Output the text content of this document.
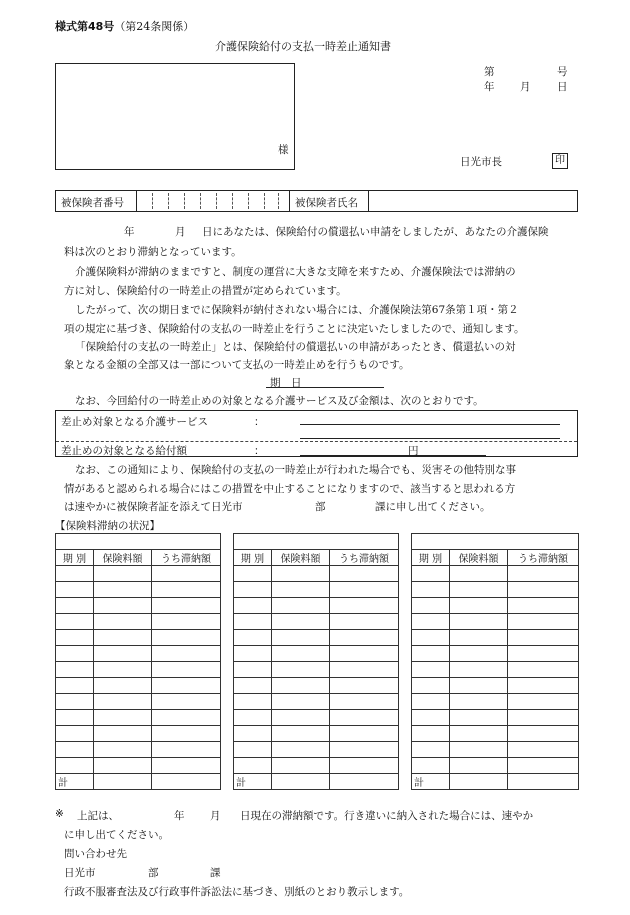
様式第48号（第24条関係）
介護保険給付の支払一時差止通知書
様
第	号
年 月	日
日光市長	印
被保険者番号	被保険者氏名
年	月 日にあなたは、保険給付の償還払い申請をしましたが、あなたの介護保険
料は次のとおり滞納となっています。
介護保険料が滞納のままですと、制度の運営に大きな支障を来すため、介護保険法では滞納の
方に対し、保険給付の一時差止の措置が定められています。
したがって、次の期日までに保険料が納付されない場合には、介護保険法第67条第１項・第２
項の規定に基づき、保険給付の支払の一時差止を行うことに決定いたしましたので、通知します。
「保険給付の支払の一時差止」とは、保険給付の償還払いの申請があったとき、償還払いの対
象となる金額の全部又は一部について支払の一時差止めを行うものです。
期　日
なお、今回給付の一時差止めの対象となる介護サービス及び金額は、次のとおりです。
差止め対象となる介護サービス	：
差止めの対象となる給付額	：	円
なお、この通知により、保険給付の支払の一時差止が行われた場合でも、災害その他特別な事
情があると認められる場合にはこの措置を中止することになりますので、該当すると思われる方
は速やかに被保険者証を添えて日光市	部	課に申し出てください。
【保険料滞納の状況】

期 別	保険料額	うち滞納額

計		

期 別	保険料額	うち滞納額

計		

期 別	保険料額	うち滞納額

計		
※ 上記は、	年 月 日現在の滞納額です。行き違いに納入された場合には、速やか
に申し出てください。
問い合わせ先
日光市	部	課
行政不服審査法及び行政事件訴訟法に基づき、別紙のとおり教示します。
